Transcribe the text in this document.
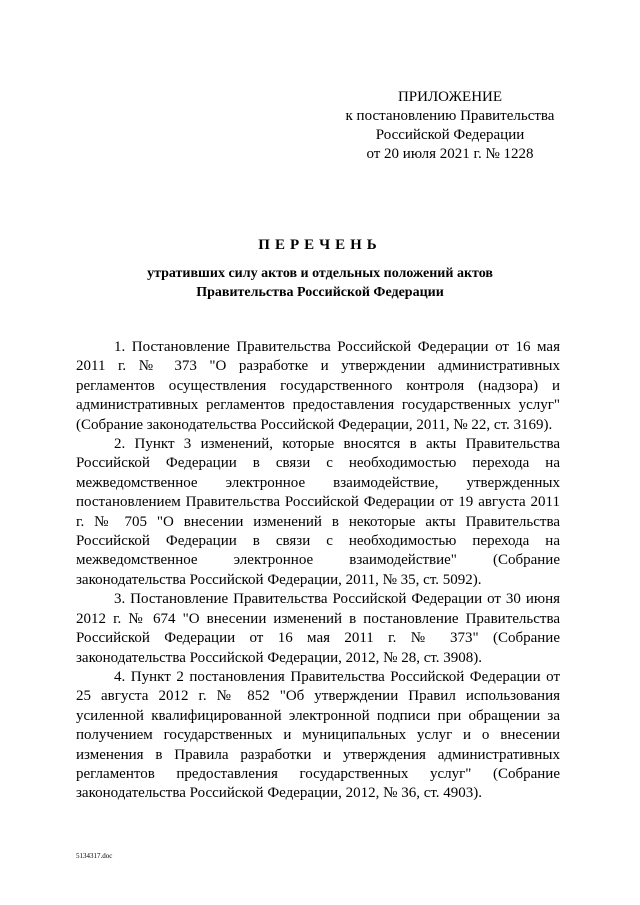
ПРИЛОЖЕНИЕ
к постановлению Правительства
Российской Федерации
от 20 июля 2021 г. № 1228
ПЕРЕЧЕНЬ
утративших силу актов и отдельных положений актов
Правительства Российской Федерации

1. Постановление Правительства Российской Федерации от 16 мая 2011 г. № 373 "О разработке и утверждении административных регламентов осуществления государственного контроля (надзора) и административных регламентов предоставления государственных услуг" (Собрание законодательства Российской Федерации, 2011, № 22, ст. 3169).

2. Пункт 3 изменений, которые вносятся в акты Правительства Российской Федерации в связи с необходимостью перехода на межведомственное электронное взаимодействие, утвержденных постановлением Правительства Российской Федерации от 19 августа 2011 г. № 705 "О внесении изменений в некоторые акты Правительства Российской Федерации в связи с необходимостью перехода на межведомственное электронное взаимодействие" (Собрание законодательства Российской Федерации, 2011, № 35, ст. 5092).

3. Постановление Правительства Российской Федерации от 30 июня 2012 г. № 674 "О внесении изменений в постановление Правительства Российской Федерации от 16 мая 2011 г. № 373" (Собрание законодательства Российской Федерации, 2012, № 28, ст. 3908).

4. Пункт 2 постановления Правительства Российской Федерации от 25 августа 2012 г. № 852 "Об утверждении Правил использования усиленной квалифицированной электронной подписи при обращении за получением государственных и муниципальных услуг и о внесении изменения в Правила разработки и утверждения административных регламентов предоставления государственных услуг" (Собрание законодательства Российской Федерации, 2012, № 36, ст. 4903).

5134317.doc
